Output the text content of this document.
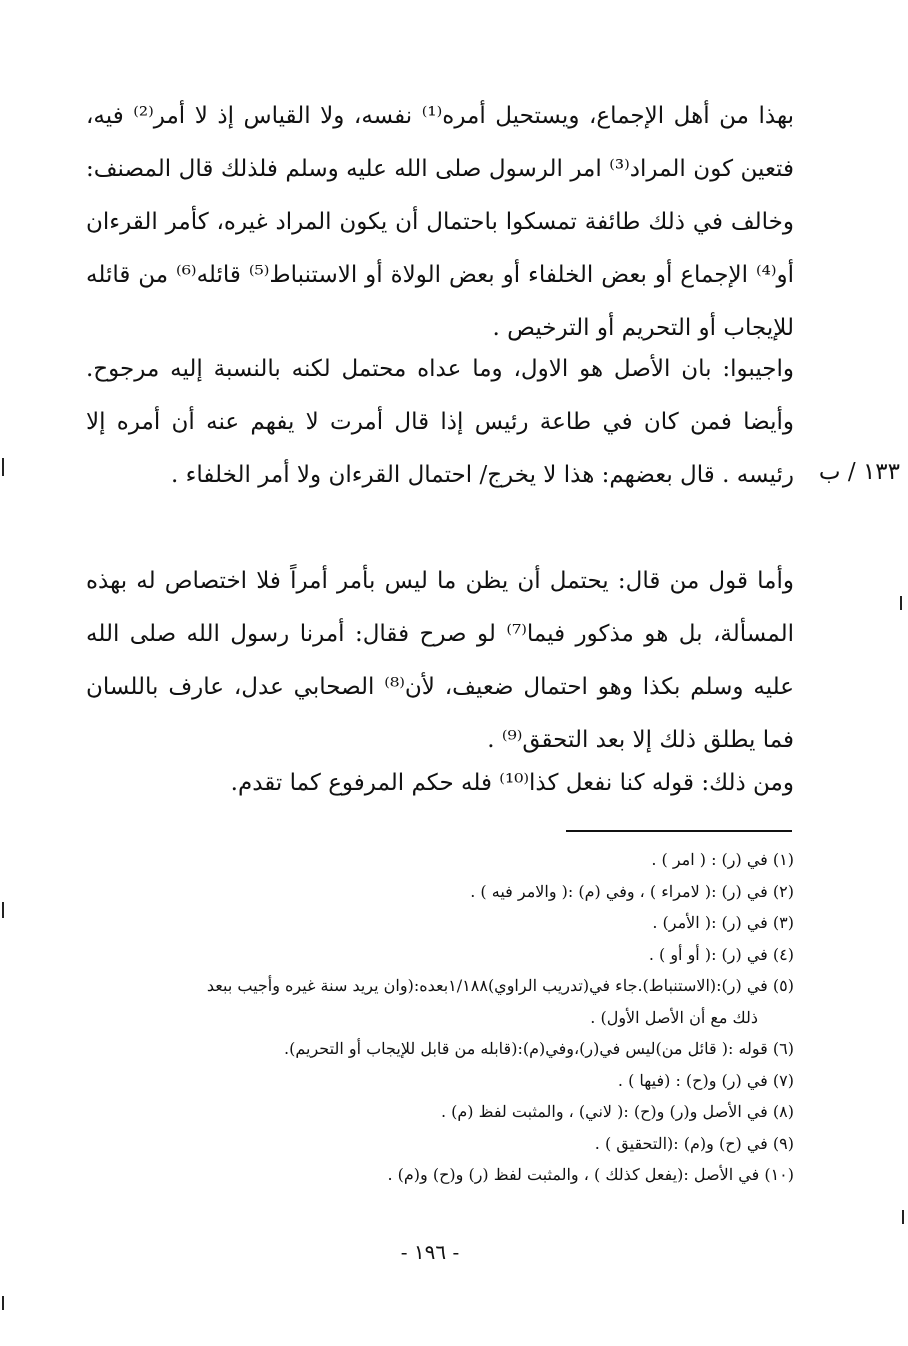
بهذا من أهل الإجماع، ويستحيل أمره⁽¹⁾ نفسه، ولا القياس إذ لا أمر⁽²⁾ فيه، فتعين كون المراد⁽³⁾ امر الرسول صلى الله عليه وسلم فلذلك قال المصنف: وخالف في ذلك طائفة تمسكوا باحتمال أن يكون المراد غيره، كأمر القرءان أو⁽⁴⁾ الإجماع أو بعض الخلفاء أو بعض الولاة أو الاستنباط⁽⁵⁾ قائله⁽⁶⁾ من قائله للإيجاب أو التحريم أو الترخيص .
واجيبوا: بان الأصل هو الاول، وما عداه محتمل لكنه بالنسبة إليه مرجوح. وأيضا فمن كان في طاعة رئيس إذا قال أمرت لا يفهم عنه أن أمره إلا رئيسه . قال بعضهم: هذا لا يخرج/ احتمال القرءان ولا أمر الخلفاء .	١٣٣ / ب
وأما قول من قال: يحتمل أن يظن ما ليس بأمر أمراً فلا اختصاص له بهذه المسألة، بل هو مذكور فيما⁽⁷⁾ لو صرح فقال: أمرنا رسول الله صلى الله عليه وسلم بكذا وهو احتمال ضعيف، لأن⁽⁸⁾ الصحابي عدل، عارف باللسان فما يطلق ذلك إلا بعد التحقق⁽⁹⁾ .
ومن ذلك: قوله كنا نفعل كذا⁽¹⁰⁾ فله حكم المرفوع كما تقدم.
(١) في (ر) : ( امر ) .
(٢) في (ر) :( لامراء ) ، وفي (م) :( والامر فيه ) .
(٣) في (ر) :( الأمر) .
(٤) في (ر) :( أو أو ) .
(٥) في (ر):(الاستنباط).جاء في(تدريب الراوي)١/١٨٨بعده:(وان يريد سنة غيره وأجيب ببعد
ذلك مع أن الأصل الأول) .
(٦) قوله :( قائل من)ليس في(ر)،وفي(م):(قابله من قابل للإيجاب أو التحريم).
(٧) في (ر) و(ح) : (فيها ) .
(٨) في الأصل و(ر) و(ح) :( لاني) ، والمثبت لفظ (م) .
(٩) في (ح) و(م) :(التحقيق ) .
(١٠) في الأصل :(يفعل كذلك ) ، والمثبت لفظ (ر) و(ح) و(م) .
- ١٩٦ -
